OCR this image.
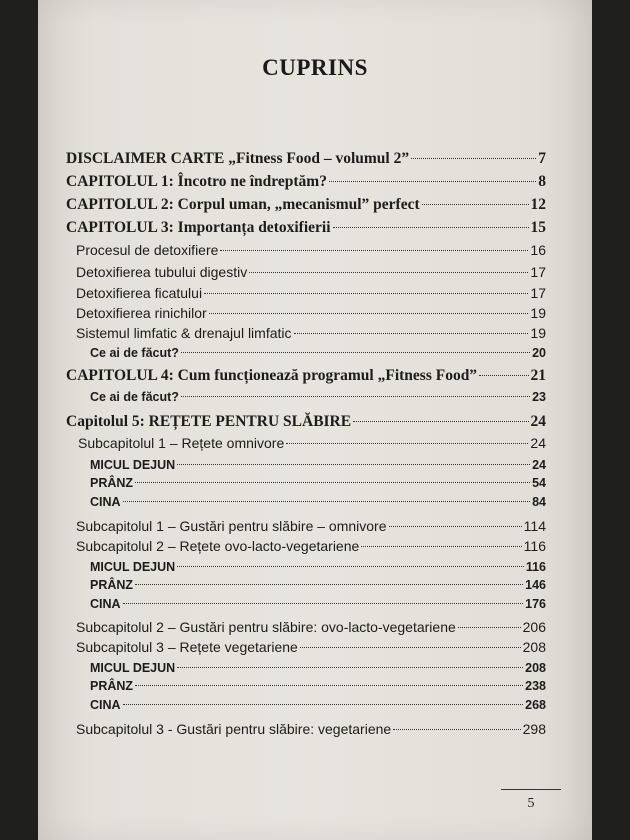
CUPRINS
DISCLAIMER CARTE „Fitness Food – volumul 2”	7
CAPITOLUL 1: Încotro ne îndreptăm?	8
CAPITOLUL 2: Corpul uman, „mecanismul” perfect	12
CAPITOLUL 3: Importanța detoxifierii	15
Procesul de detoxifiere	16
Detoxifierea tubului digestiv	17
Detoxifierea ficatului	17
Detoxifierea rinichilor	19
Sistemul limfatic & drenajul limfatic	19
Ce ai de făcut?	20
CAPITOLUL 4: Cum funcționează programul „Fitness Food”	21
Ce ai de făcut?	23
Capitolul 5: REȚETE PENTRU SLĂBIRE	24
Subcapitolul 1 – Rețete omnivore	24
MICUL DEJUN	24
PRÂNZ	54
CINA	84
Subcapitolul 1 – Gustări pentru slăbire – omnivore	114
Subcapitolul 2 – Rețete ovo-lacto-vegetariene	116
MICUL DEJUN	116
PRÂNZ	146
CINA	176
Subcapitolul 2 – Gustări pentru slăbire: ovo-lacto-vegetariene	206
Subcapitolul 3 – Rețete vegetariene	208
MICUL DEJUN	208
PRÂNZ	238
CINA	268
Subcapitolul 3 - Gustări pentru slăbire: vegetariene	298
5
